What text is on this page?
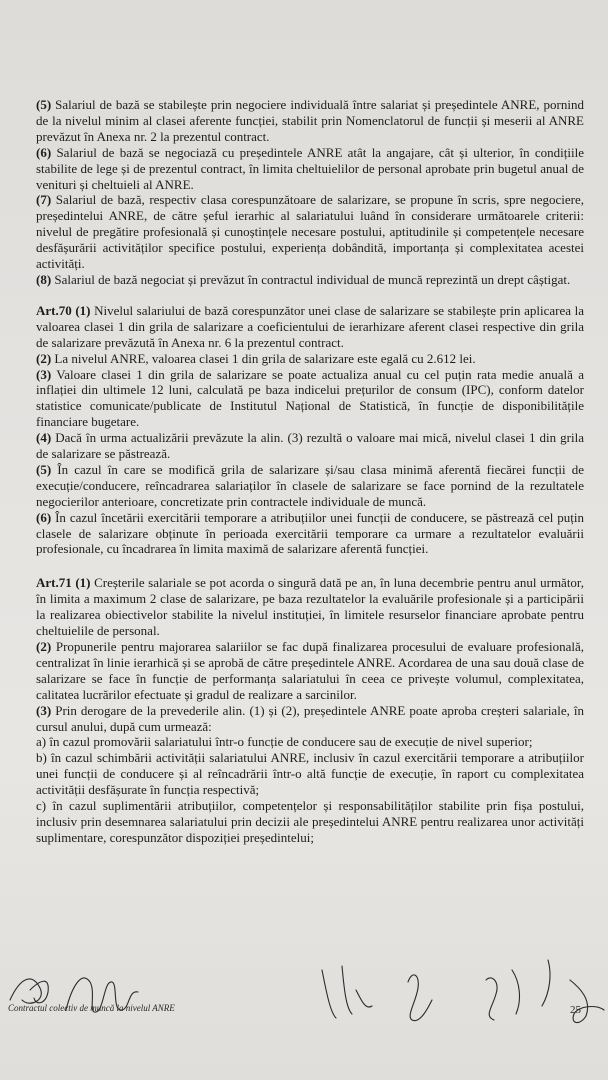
(5) Salariul de bază se stabilește prin negociere individuală între salariat și președintele ANRE, pornind de la nivelul minim al clasei aferente funcției, stabilit prin Nomenclatorul de funcții și meserii al ANRE prevăzut în Anexa nr. 2 la prezentul contract.

(6) Salariul de bază se negociază cu președintele ANRE atât la angajare, cât și ulterior, în condițiile stabilite de lege și de prezentul contract, în limita cheltuielilor de personal aprobate prin bugetul anual de venituri și cheltuieli al ANRE.

(7) Salariul de bază, respectiv clasa corespunzătoare de salarizare, se propune în scris, spre negociere, președintelui ANRE, de către șeful ierarhic al salariatului luând în considerare următoarele criterii: nivelul de pregătire profesională și cunoștințele necesare postului, aptitudinile și competențele necesare desfășurării activităților specifice postului, experiența dobândită, importanța și complexitatea acestei activități.

(8) Salariul de bază negociat și prevăzut în contractul individual de muncă reprezintă un drept câștigat.

Art.70 (1) Nivelul salariului de bază corespunzător unei clase de salarizare se stabilește prin aplicarea la valoarea clasei 1 din grila de salarizare a coeficientului de ierarhizare aferent clasei respective din grila de salarizare prevăzută în Anexa nr. 6 la prezentul contract.

(2) La nivelul ANRE, valoarea clasei 1 din grila de salarizare este egală cu 2.612 lei.

(3) Valoare clasei 1 din grila de salarizare se poate actualiza anual cu cel puțin rata medie anuală a inflației din ultimele 12 luni, calculată pe baza indicelui prețurilor de consum (IPC), conform datelor statistice comunicate/publicate de Institutul Național de Statistică, în funcție de disponibilitățile financiare bugetare.

(4) Dacă în urma actualizării prevăzute la alin. (3) rezultă o valoare mai mică, nivelul clasei 1 din grila de salarizare se păstrează.

(5) În cazul în care se modifică grila de salarizare și/sau clasa minimă aferentă fiecărei funcții de execuție/conducere, reîncadrarea salariaților în clasele de salarizare se face pornind de la rezultatele negocierilor anterioare, concretizate prin contractele individuale de muncă.

(6) În cazul încetării exercitării temporare a atribuțiilor unei funcții de conducere, se păstrează cel puțin clasele de salarizare obținute în perioada exercitării temporare ca urmare a rezultatelor evaluării profesionale, cu încadrarea în limita maximă de salarizare aferentă funcției.

Art.71 (1) Creșterile salariale se pot acorda o singură dată pe an, în luna decembrie pentru anul următor, în limita a maximum 2 clase de salarizare, pe baza rezultatelor la evaluările profesionale și a participării la realizarea obiectivelor stabilite la nivelul instituției, în limitele resurselor financiare aprobate pentru cheltuielile de personal.

(2) Propunerile pentru majorarea salariilor se fac după finalizarea procesului de evaluare profesională, centralizat în linie ierarhică și se aprobă de către președintele ANRE. Acordarea de una sau două clase de salarizare se face în funcție de performanța salariatului în ceea ce privește volumul, complexitatea, calitatea lucrărilor efectuate și gradul de realizare a sarcinilor.

(3) Prin derogare de la prevederile alin. (1) și (2), președintele ANRE poate aproba creșteri salariale, în cursul anului, după cum urmează:

a) în cazul promovării salariatului într-o funcție de conducere sau de execuție de nivel superior;

b) în cazul schimbării activității salariatului ANRE, inclusiv în cazul exercitării temporare a atribuțiilor unei funcții de conducere și al reîncadrării într-o altă funcție de execuție, în raport cu complexitatea activității desfășurate în funcția respectivă;

c) în cazul suplimentării atribuțiilor, competențelor și responsabilităților stabilite prin fișa postului, inclusiv prin desemnarea salariatului prin decizii ale președintelui ANRE pentru realizarea unor activități suplimentare, corespunzător dispoziției președintelui;

Contractul colectiv de muncă la nivelul ANRE	25
